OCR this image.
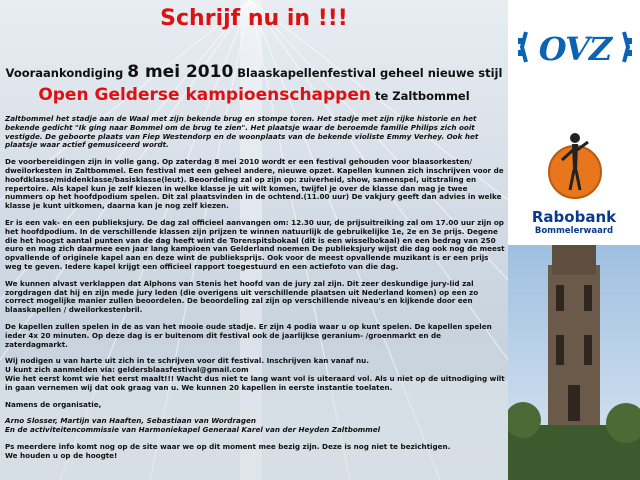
Schrijf nu in !!!
Vooraankondiging 8 mei 2010 Blaaskapellenfestival geheel nieuwe stijl
Open Gelderse kampioenschappen te Zaltbommel

Zaltbommel het stadje aan de Waal met zijn bekende brug en stompe toren. Het stadje met zijn rijke historie en het bekende gedicht "Ik ging naar Bommel om de brug te zien". Het plaatsje waar de beroemde familie Philips zich ooit vestigde. De geboorte plaats van Fiep Westendorp en de woonplaats van de bekende violiste Emmy Verhey. Ook het plaatsje waar actief gemusiceerd wordt.

De voorbereidingen zijn in volle gang. Op zaterdag 8 mei 2010 wordt er een festival gehouden voor blaasorkesten/ dweilorkesten in Zaltbommel. Een festival met een geheel andere, nieuwe opzet. Kapellen kunnen zich inschrijven voor de hoofdklasse/middenklasse/basisklasse(leut). Beoordeling zal op zijn op: zuiverheid, show, samenspel, uitstraling en repertoire. Als kapel kun je zelf kiezen in welke klasse je uit wilt komen, twijfel je over de klasse dan mag je twee nummers op het hoofdpodium spelen. Dit zal plaatsvinden in de ochtend.(11.00 uur) De vakjury geeft dan advies in welke klasse je kunt uitkomen, daarna kan je nog zelf kiezen.

Er is een vak- en een publieksjury. De dag zal officieel aanvangen om: 12.30 uur, de prijsuitreiking zal om 17.00 uur zijn op het hoofdpodium. In de verschillende klassen zijn prijzen te winnen natuurlijk de gebruikelijke 1e, 2e en 3e prijs. Degene die het hoogst aantal punten van de dag heeft wint de Torenspitsbokaal (dit is een wisselbokaal) en een bedrag van 250 euro en mag zich daarmee een jaar lang kampioen van Gelderland noemen De publieksjury wijst die dag ook nog de meest opvallende of originele kapel aan en deze wint de publieksprijs. Ook voor de meest opvallende muzikant is er een prijs weg te geven. Iedere kapel krijgt een officieel rapport toegestuurd en een actiefoto van die dag.

We kunnen alvast verklappen dat Alphons van Stenis het hoofd van de jury zal zijn. Dit zeer deskundige jury-lid zal zorgdragen dat hij en zijn mede jury leden (die overigens uit verschillende plaatsen uit Nederland komen) op een zo correct mogelijke manier zullen beoordelen. De beoordeling zal zijn op verschillende niveau's en kijkende door een blaaskapellen / dweilorkestenbril.

De kapellen zullen spelen in de as van het mooie oude stadje. Er zijn 4 podia waar u op kunt spelen. De kapellen spelen ieder 4x 20 minuten. Op deze dag is er buitenom dit festival ook de jaarlijkse geranium- /groenmarkt en de zaterdagmarkt.

Wij nodigen u van harte uit zich in te schrijven voor dit festival. Inschrijven kan vanaf nu.
U kunt zich aanmelden via: geldersblaasfestival@gmail.com
Wie het eerst komt wie het eerst maalt!!! Wacht dus niet te lang want vol is uiteraard vol. Als u niet op de uitnodiging wilt in gaan vernemen wij dat ook graag van u. We kunnen 20 kapellen in eerste instantie toelaten.

Namens de organisatie,

Arno Slosser, Martijn van Haaften, Sebastiaan van Wordragen
En de activiteitencommissie van Harmoniekapel Generaal Karel van der Heyden Zaltbommel

Ps meerdere info komt nog op de site waar we op dit moment mee bezig zijn. Deze is nog niet te bezichtigen.
We houden u op de hoogte!

OVZ
Rabobank
Bommelerwaard
